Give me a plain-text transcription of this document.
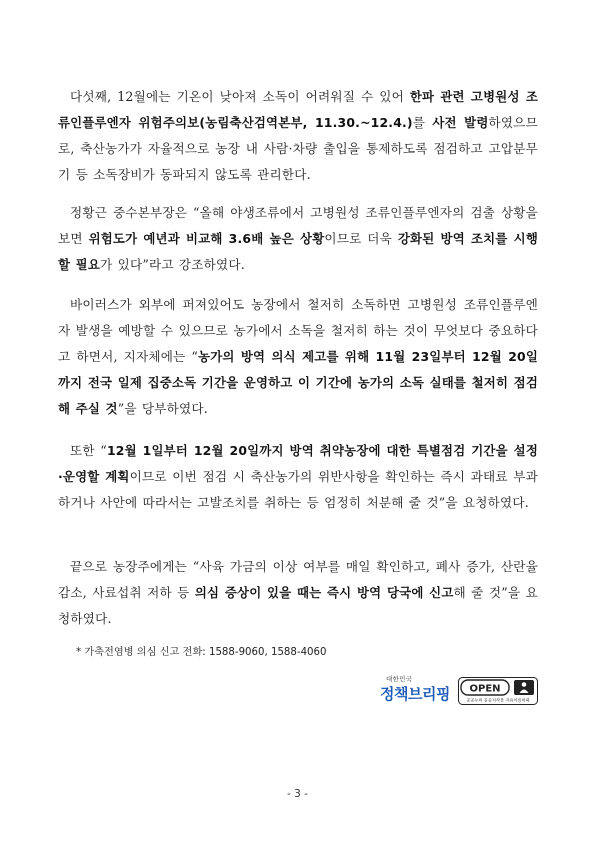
다섯째, 12월에는 기온이 낮아져 소독이 어려워질 수 있어 한파 관련 고병원성 조류인플루엔자 위험주의보(농림축산검역본부, 11.30.~12.4.)를 사전 발령하였으므로, 축산농가가 자율적으로 농장 내 사람·차량 출입을 통제하도록 점검하고 고압분무기 등 소독장비가 동파되지 않도록 관리한다.
정황근 중수본부장은 “올해 야생조류에서 고병원성 조류인플루엔자의 검출 상황을 보면 위험도가 예년과 비교해 3.6배 높은 상황이므로 더욱 강화된 방역 조치를 시행할 필요가 있다”라고 강조하였다.
바이러스가 외부에 퍼져있어도 농장에서 철저히 소독하면 고병원성 조류인플루엔자 발생을 예방할 수 있으므로 농가에서 소독을 철저히 하는 것이 무엇보다 중요하다고 하면서, 지자체에는 “농가의 방역 의식 제고를 위해 11월 23일부터 12월 20일까지 전국 일제 집중소독 기간을 운영하고 이 기간에 농가의 소독 실태를 철저히 점검해 주실 것”을 당부하였다.
또한 “12월 1일부터 12월 20일까지 방역 취약농장에 대한 특별점검 기간을 설정·운영할 계획이므로 이번 점검 시 축산농가의 위반사항을 확인하는 즉시 과태료 부과하거나 사안에 따라서는 고발조치를 취하는 등 엄정히 처분해 줄 것”을 요청하였다.
끝으로 농장주에게는 “사육 가금의 이상 여부를 매일 확인하고, 폐사 증가, 산란율 감소, 사료섭취 저하 등 의심 증상이 있을 때는 즉시 방역 당국에 신고해 줄 것”을 요청하였다.
* 가축전염병 의심 신고 전화: 1588-9060, 1588-4060
대한민국
정책브리핑 OPEN
공공누리 공공저작물 자유이용허락
- 3 -
